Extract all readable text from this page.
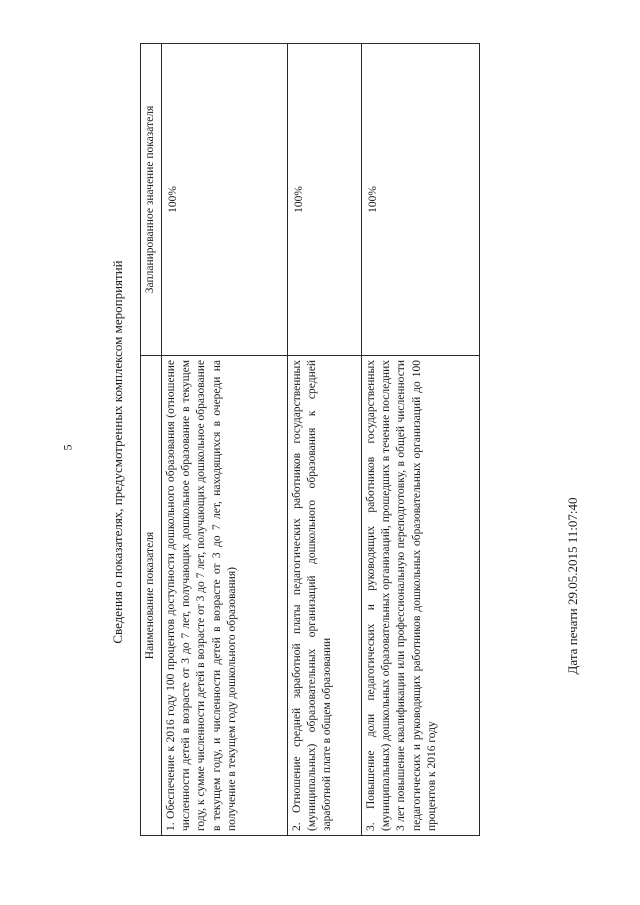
5	Сведения о показателях, предусмотренных комплексом мероприятий Наименование показателя	Запланированное значение показателя
1. Обеспечение к 2016 году 100 процентов доступности дошкольного образования (отношение численности детей в возрасте от 3 до 7 лет, получающих дошкольное образование в текущем году, к сумме численности детей в возрасте от 3 до 7 лет, получающих дошкольное образование в текущем году, и численности детей в возрасте от 3 до 7 лет, находящихся в очереди на получение в текущем году дошкольного образования)	100%
2. Отношение средней заработной платы педагогических работников государственных (муниципальных) образовательных организаций дошкольного образования к средней заработной плате в общем образовании	100%
3. Повышение доли педагогических и руководящих работников государственных (муниципальных) дошкольных образовательных организаций, прошедших в течение последних 3 лет повышение квалификации или профессиональную переподготовку, в общей численности педагогических и руководящих работников дошкольных образовательных организаций до 100 процентов к 2016 году	100%
Дата печати 29.05.2015 11:07:40
